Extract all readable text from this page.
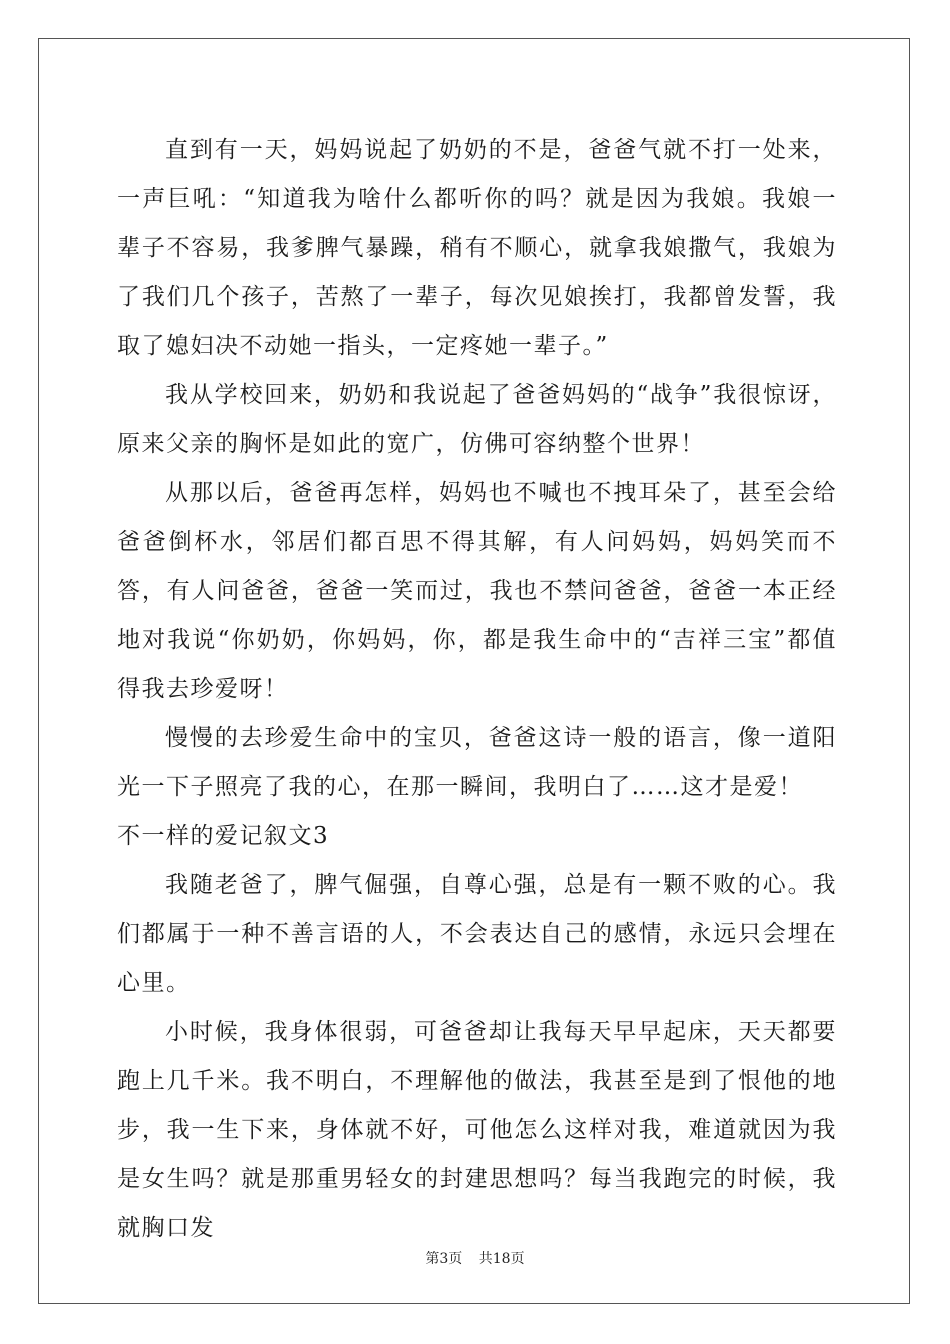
直到有一天，妈妈说起了奶奶的不是，爸爸气就不打一处来，一声巨吼：“知道我为啥什么都听你的吗？就是因为我娘。我娘一辈子不容易，我爹脾气暴躁，稍有不顺心，就拿我娘撒气，我娘为了我们几个孩子，苦熬了一辈子，每次见娘挨打，我都曾发誓，我取了媳妇决不动她一指头，一定疼她一辈子。”

我从学校回来，奶奶和我说起了爸爸妈妈的“战争”我很惊讶，原来父亲的胸怀是如此的宽广，仿佛可容纳整个世界！

从那以后，爸爸再怎样，妈妈也不喊也不拽耳朵了，甚至会给爸爸倒杯水，邻居们都百思不得其解，有人问妈妈，妈妈笑而不答，有人问爸爸，爸爸一笑而过，我也不禁问爸爸，爸爸一本正经地对我说“你奶奶，你妈妈，你，都是我生命中的“吉祥三宝”都值得我去珍爱呀！

慢慢的去珍爱生命中的宝贝，爸爸这诗一般的语言，像一道阳光一下子照亮了我的心，在那一瞬间，我明白了……这才是爱！

不一样的爱记叙文3

我随老爸了，脾气倔强，自尊心强，总是有一颗不败的心。我们都属于一种不善言语的人，不会表达自己的感情，永远只会埋在心里。

小时候，我身体很弱，可爸爸却让我每天早早起床，天天都要跑上几千米。我不明白，不理解他的做法，我甚至是到了恨他的地步，我一生下来，身体就不好，可他怎么这样对我，难道就因为我是女生吗？就是那重男轻女的封建思想吗？每当我跑完的时候，我就胸口发

第3页 共18页
